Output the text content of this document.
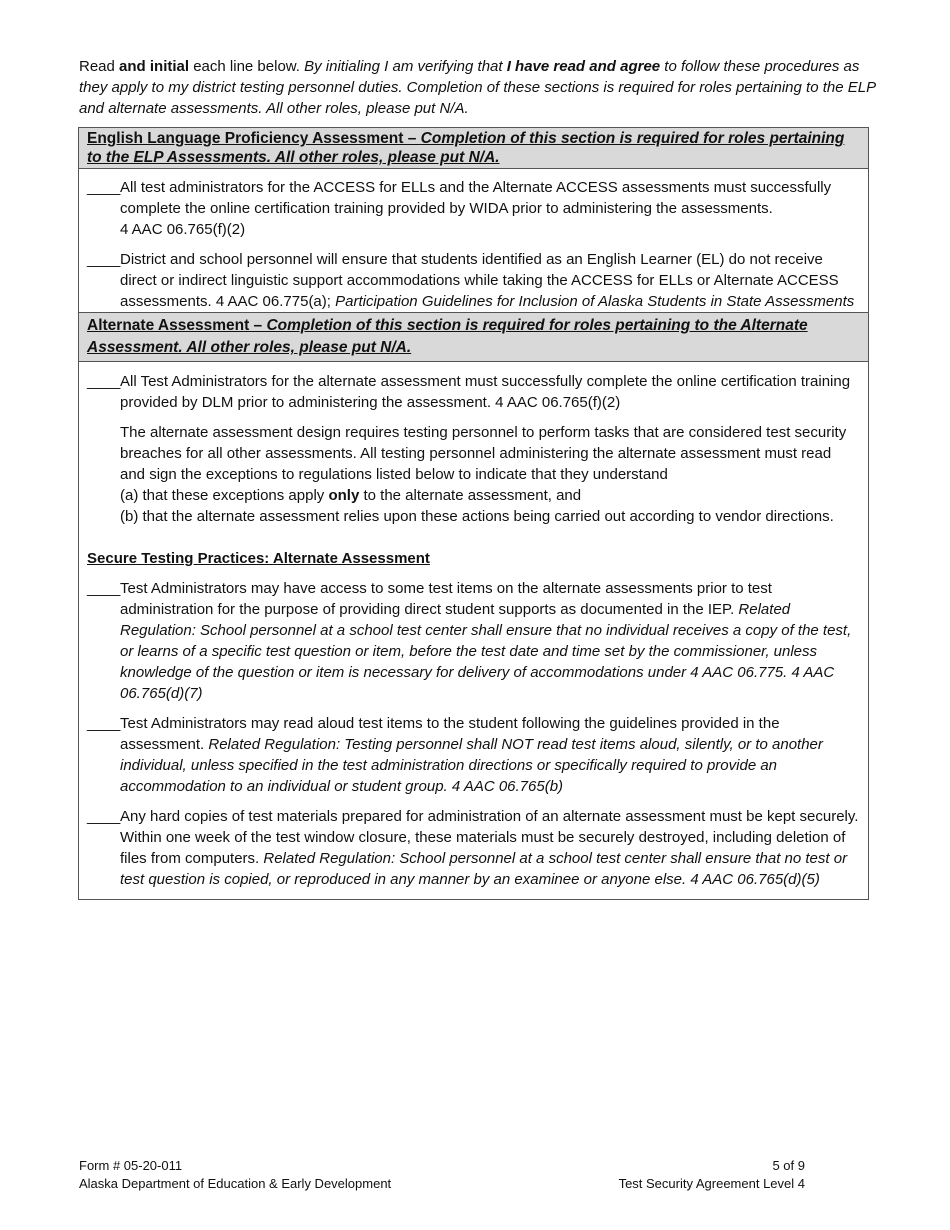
Read and initial each line below. By initialing I am verifying that I have read and agree to follow these procedures as they apply to my district testing personnel duties. Completion of these sections is required for roles pertaining to the ELP and alternate assessments. All other roles, please put N/A.
English Language Proficiency Assessment – Completion of this section is required for roles pertaining to the ELP Assessments. All other roles, please put N/A.
____ All test administrators for the ACCESS for ELLs and the Alternate ACCESS assessments must successfully complete the online certification training provided by WIDA prior to administering the assessments.
4 AAC 06.765(f)(2)
____ District and school personnel will ensure that students identified as an English Learner (EL) do not receive direct or indirect linguistic support accommodations while taking the ACCESS for ELLs or Alternate ACCESS assessments. 4 AAC 06.775(a); Participation Guidelines for Inclusion of Alaska Students in State Assessments
Alternate Assessment – Completion of this section is required for roles pertaining to the Alternate Assessment. All other roles, please put N/A.
____ All Test Administrators for the alternate assessment must successfully complete the online certification training provided by DLM prior to administering the assessment. 4 AAC 06.765(f)(2)
The alternate assessment design requires testing personnel to perform tasks that are considered test security breaches for all other assessments. All testing personnel administering the alternate assessment must read and sign the exceptions to regulations listed below to indicate that they understand
(a) that these exceptions apply only to the alternate assessment, and
(b) that the alternate assessment relies upon these actions being carried out according to vendor directions.
Secure Testing Practices: Alternate Assessment
____ Test Administrators may have access to some test items on the alternate assessments prior to test administration for the purpose of providing direct student supports as documented in the IEP. Related Regulation: School personnel at a school test center shall ensure that no individual receives a copy of the test, or learns of a specific test question or item, before the test date and time set by the commissioner, unless knowledge of the question or item is necessary for delivery of accommodations under 4 AAC 06.775. 4 AAC 06.765(d)(7)
____ Test Administrators may read aloud test items to the student following the guidelines provided in the assessment. Related Regulation: Testing personnel shall NOT read test items aloud, silently, or to another individual, unless specified in the test administration directions or specifically required to provide an accommodation to an individual or student group. 4 AAC 06.765(b)
____ Any hard copies of test materials prepared for administration of an alternate assessment must be kept securely. Within one week of the test window closure, these materials must be securely destroyed, including deletion of files from computers. Related Regulation: School personnel at a school test center shall ensure that no test or test question is copied, or reproduced in any manner by an examinee or anyone else. 4 AAC 06.765(d)(5)
Form # 05-20-011
Alaska Department of Education & Early Development
5 of 9
Test Security Agreement Level 4
